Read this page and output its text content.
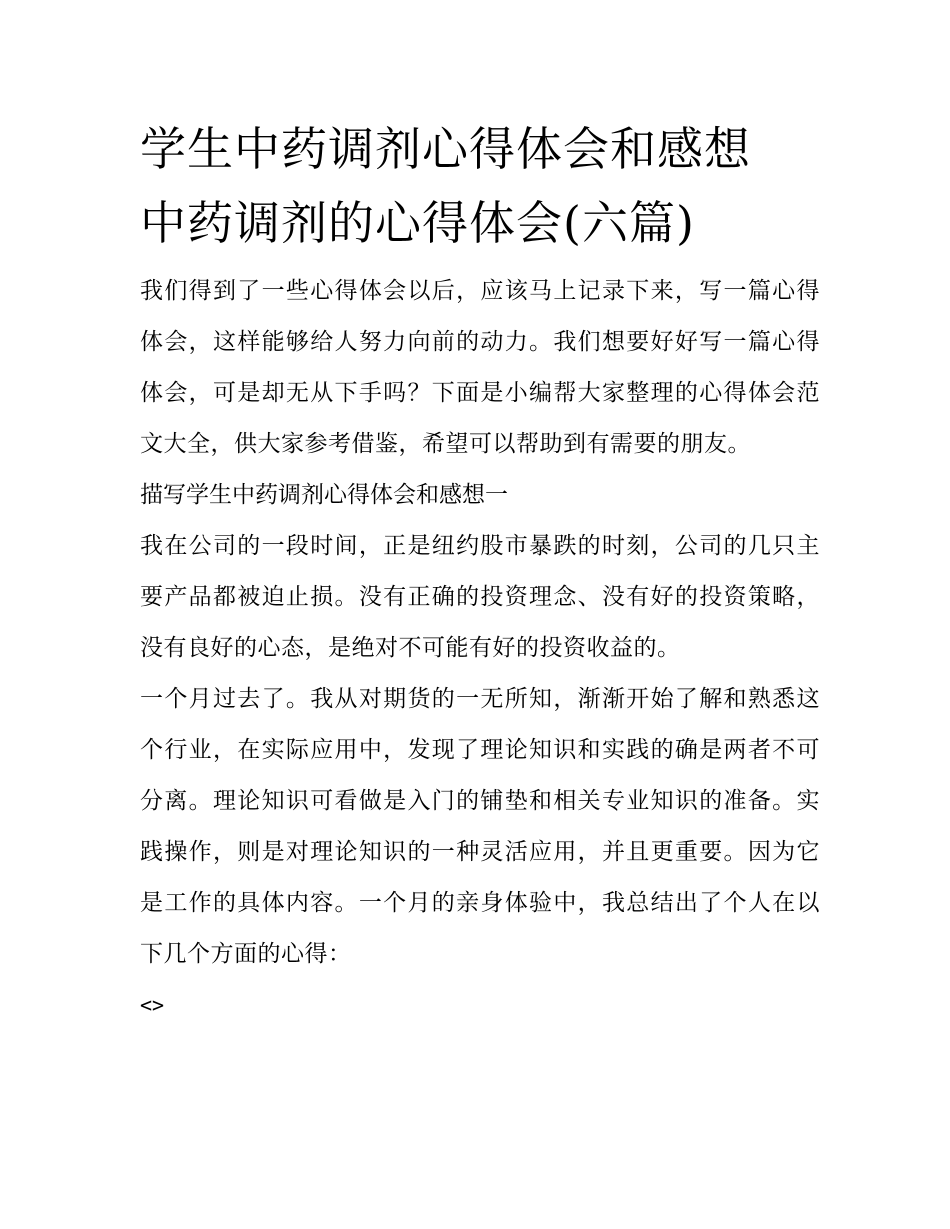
学生中药调剂心得体会和感想
中药调剂的心得体会(六篇)

我们得到了一些心得体会以后，应该马上记录下来，写一篇心得体会，这样能够给人努力向前的动力。我们想要好好写一篇心得体会，可是却无从下手吗？下面是小编帮大家整理的心得体会范文大全，供大家参考借鉴，希望可以帮助到有需要的朋友。

描写学生中药调剂心得体会和感想一

我在公司的一段时间，正是纽约股市暴跌的时刻，公司的几只主要产品都被迫止损。没有正确的投资理念、没有好的投资策略，没有良好的心态，是绝对不可能有好的投资收益的。

一个月过去了。我从对期货的一无所知，渐渐开始了解和熟悉这个行业，在实际应用中，发现了理论知识和实践的确是两者不可分离。理论知识可看做是入门的铺垫和相关专业知识的准备。实践操作，则是对理论知识的一种灵活应用，并且更重要。因为它是工作的具体内容。一个月的亲身体验中，我总结出了个人在以下几个方面的心得：

<>
